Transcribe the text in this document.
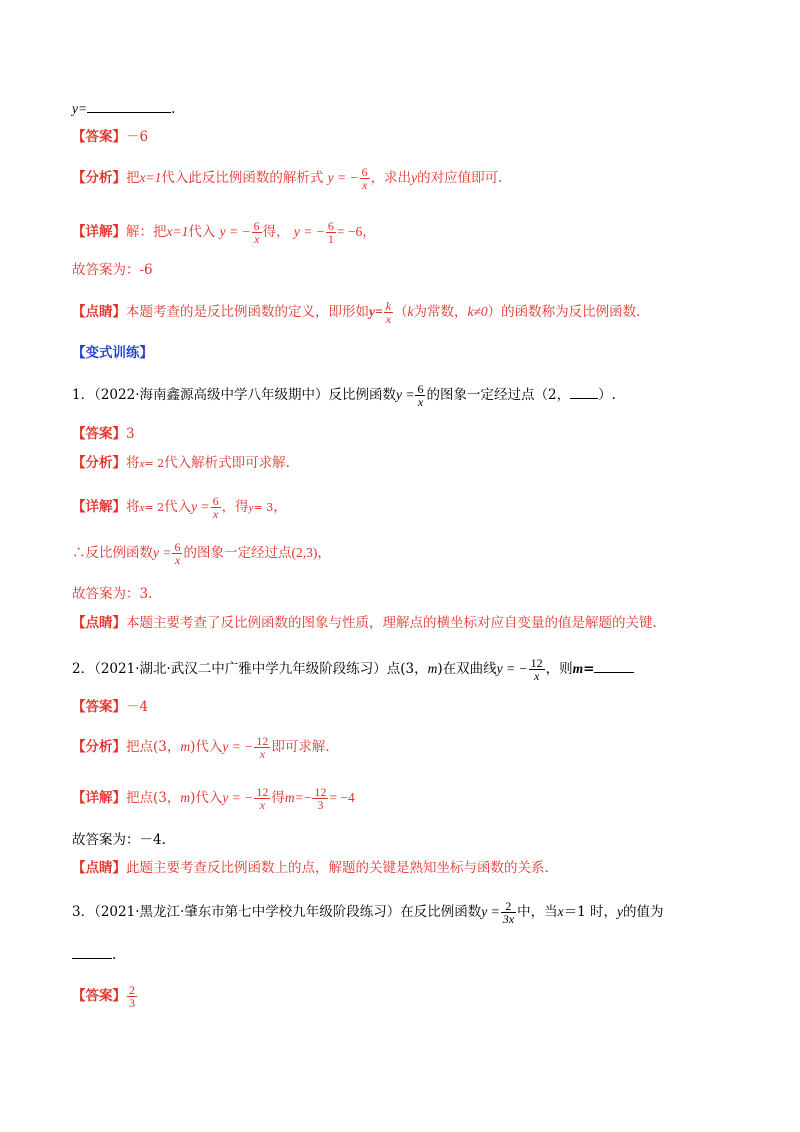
y=	.
【答案】－6
【分析】把x=1代入此反比例函数的解析式 y = − $\frac{6}{x}$ ，求出y的对应值即可.
【详解】解：把x=1代入 y = − $\frac{6}{x}$ 得， y = − $\frac{6}{1} = -6$，
故答案为：-6
【点睛】本题考查的是反比例函数的定义，即形如$y= \frac{k}{x} (k$为常数，k≠0）的函数称为反比例函数.
【变式训练】
1．（2022·海南鑫源高级中学八年级期中）反比例函数$y = \frac{6}{x}$ 的图象一定经过点（2， ）.
【答案】3
【分析】将x= 2代入解析式即可求解.
【详解】将x= 2代入$y = \frac{6}{x}$ ，得y= 3，
∴反比例函数$y = \frac{6}{x}$ 的图象一定经过点(2,3)，
故答案为：3.
【点睛】本题主要考查了反比例函数的图象与性质，理解点的横坐标对应自变量的值是解题的关键.
2．（2021·湖北·武汉二中广雅中学九年级阶段练习）点(3，m)在双曲线y = − $\frac{12}{x}$ ，则m=
【答案】－4
【分析】把点(3，m)代入y = − $\frac{12}{x}$ 即可求解.
【详解】把点(3，m)代入y = − $\frac{12}{x}$ 得$m=- \frac{12}{3} = -4$
故答案为：－4.
【点睛】此题主要考查反比例函数上的点，解题的关键是熟知坐标与函数的关系.
3．（2021·黑龙江·肇东市第七中学校九年级阶段练习）在反比例函数$y = \frac{2}{3x}$ 中，当x＝1 时，y的值为
.
【答案】 $\frac{2}{3}$
